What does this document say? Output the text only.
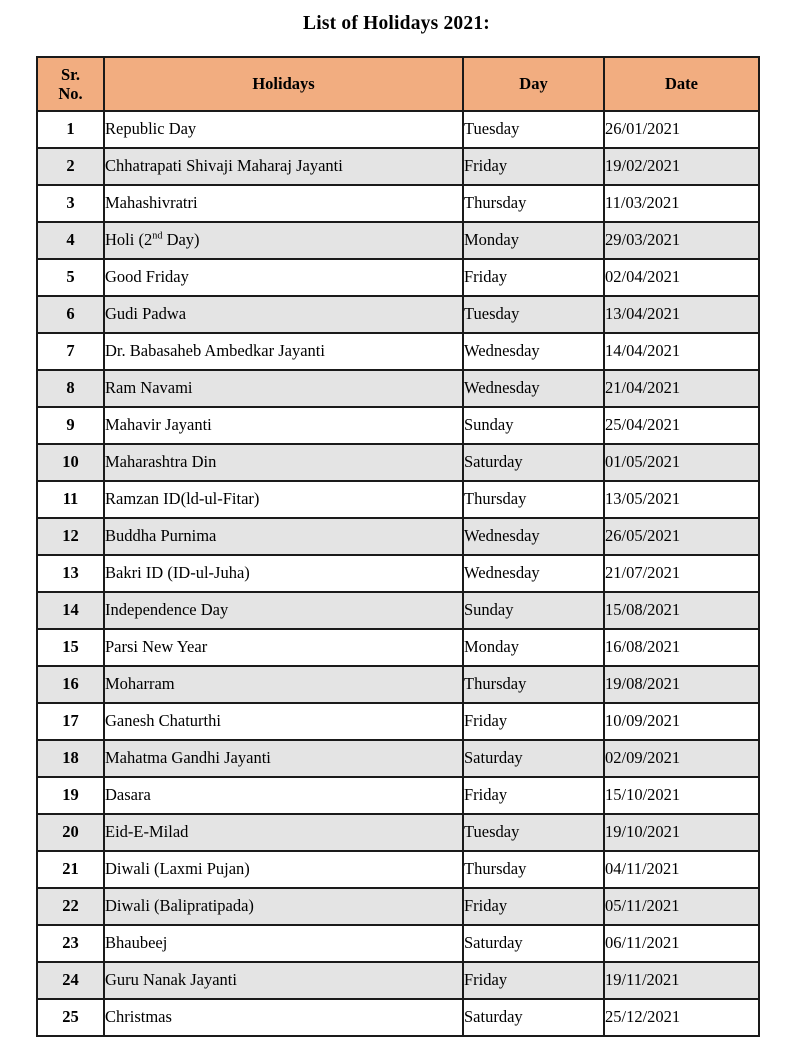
List of Holidays 2021:
Sr.
No.	Holidays	Day	Date
1	Republic Day	Tuesday	26/01/2021
2	Chhatrapati Shivaji Maharaj Jayanti	Friday	19/02/2021
3	Mahashivratri	Thursday	11/03/2021
4	Holi (2nd Day)	Monday	29/03/2021
5	Good Friday	Friday	02/04/2021
6	Gudi Padwa	Tuesday	13/04/2021
7	Dr. Babasaheb Ambedkar Jayanti	Wednesday	14/04/2021
8	Ram Navami	Wednesday	21/04/2021
9	Mahavir Jayanti	Sunday	25/04/2021
10	Maharashtra Din	Saturday	01/05/2021
11	Ramzan ID(ld-ul-Fitar)	Thursday	13/05/2021
12	Buddha Purnima	Wednesday	26/05/2021
13	Bakri ID (ID-ul-Juha)	Wednesday	21/07/2021
14	Independence Day	Sunday	15/08/2021
15	Parsi New Year	Monday	16/08/2021
16	Moharram	Thursday	19/08/2021
17	Ganesh Chaturthi	Friday	10/09/2021
18	Mahatma Gandhi Jayanti	Saturday	02/09/2021
19	Dasara	Friday	15/10/2021
20	Eid-E-Milad	Tuesday	19/10/2021
21	Diwali (Laxmi Pujan)	Thursday	04/11/2021
22	Diwali (Balipratipada)	Friday	05/11/2021
23	Bhaubeej	Saturday	06/11/2021
24	Guru Nanak Jayanti	Friday	19/11/2021
25	Christmas	Saturday	25/12/2021
